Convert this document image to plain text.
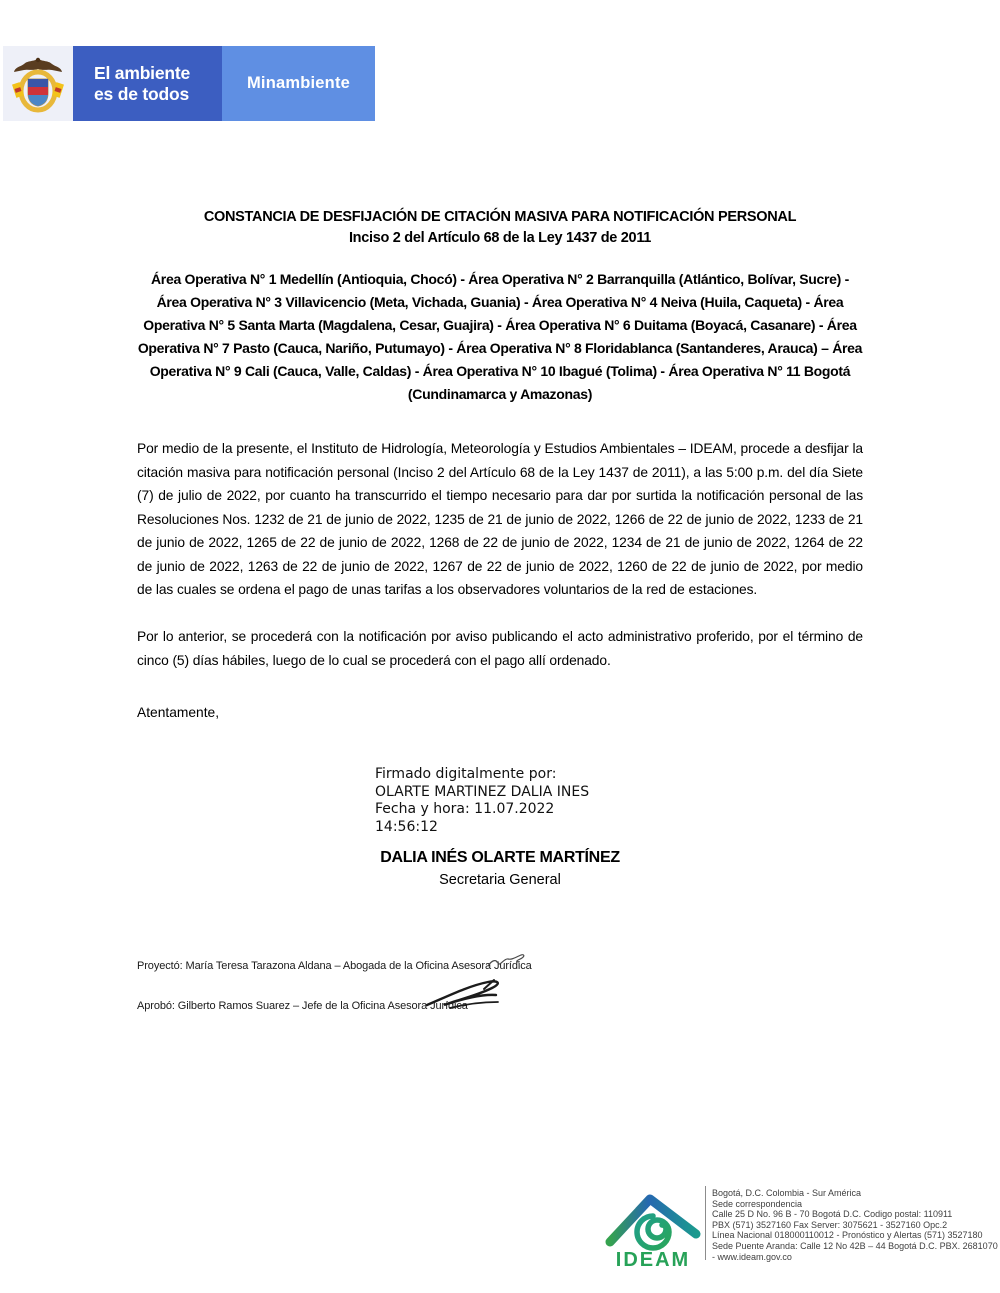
El ambiente
es de todos
Minambiente
CONSTANCIA DE DESFIJACIÓN DE CITACIÓN MASIVA PARA NOTIFICACIÓN PERSONAL
Inciso 2 del Artículo 68 de la Ley 1437 de 2011
Área Operativa N° 1 Medellín (Antioquia, Chocó) - Área Operativa N° 2 Barranquilla (Atlántico, Bolívar, Sucre) - Área Operativa N° 3 Villavicencio (Meta, Vichada, Guania) - Área Operativa N° 4 Neiva (Huila, Caqueta) - Área Operativa N° 5 Santa Marta (Magdalena, Cesar, Guajira) - Área Operativa N° 6 Duitama (Boyacá, Casanare) - Área Operativa N° 7 Pasto (Cauca, Nariño, Putumayo) - Área Operativa N° 8 Floridablanca (Santanderes, Arauca) – Área Operativa N° 9 Cali (Cauca, Valle, Caldas) - Área Operativa N° 10 Ibagué (Tolima) - Área Operativa N° 11 Bogotá (Cundinamarca y Amazonas)
Por medio de la presente, el Instituto de Hidrología, Meteorología y Estudios Ambientales – IDEAM, procede a desfijar la citación masiva para notificación personal (Inciso 2 del Artículo 68 de la Ley 1437 de 2011), a las 5:00 p.m. del día Siete (7) de julio de 2022, por cuanto ha transcurrido el tiempo necesario para dar por surtida la notificación personal de las Resoluciones Nos. 1232 de 21 de junio de 2022, 1235 de 21 de junio de 2022, 1266 de 22 de junio de 2022, 1233 de 21 de junio de 2022, 1265 de 22 de junio de 2022, 1268 de 22 de junio de 2022, 1234 de 21 de junio de 2022, 1264 de 22 de junio de 2022, 1263 de 22 de junio de 2022, 1267 de 22 de junio de 2022, 1260 de 22 de junio de 2022, por medio de las cuales se ordena el pago de unas tarifas a los observadores voluntarios de la red de estaciones.
Por lo anterior, se procederá con la notificación por aviso publicando el acto administrativo proferido, por el término de cinco (5) días hábiles, luego de lo cual se procederá con el pago allí ordenado.
Atentamente,
Firmado digitalmente por:
OLARTE MARTINEZ DALIA INES
Fecha y hora: 11.07.2022
14:56:12
DALIA INÉS OLARTE MARTÍNEZ
Secretaria General
Proyectó: María Teresa Tarazona Aldana – Abogada de la Oficina Asesora Jurídica
Aprobó: Gilberto Ramos Suarez – Jefe de la Oficina Asesora Jurídica
IDEAM
Bogotá, D.C. Colombia - Sur América
Sede correspondencia
Calle 25 D No. 96 B - 70 Bogotá D.C. Codigo postal: 110911
PBX (571) 3527160 Fax Server: 3075621 - 3527160 Opc.2
Línea Nacional 018000110012 - Pronóstico y Alertas (571) 3527180
Sede Puente Aranda: Calle 12 No 42B – 44 Bogotá D.C. PBX. 2681070
- www.ideam.gov.co
